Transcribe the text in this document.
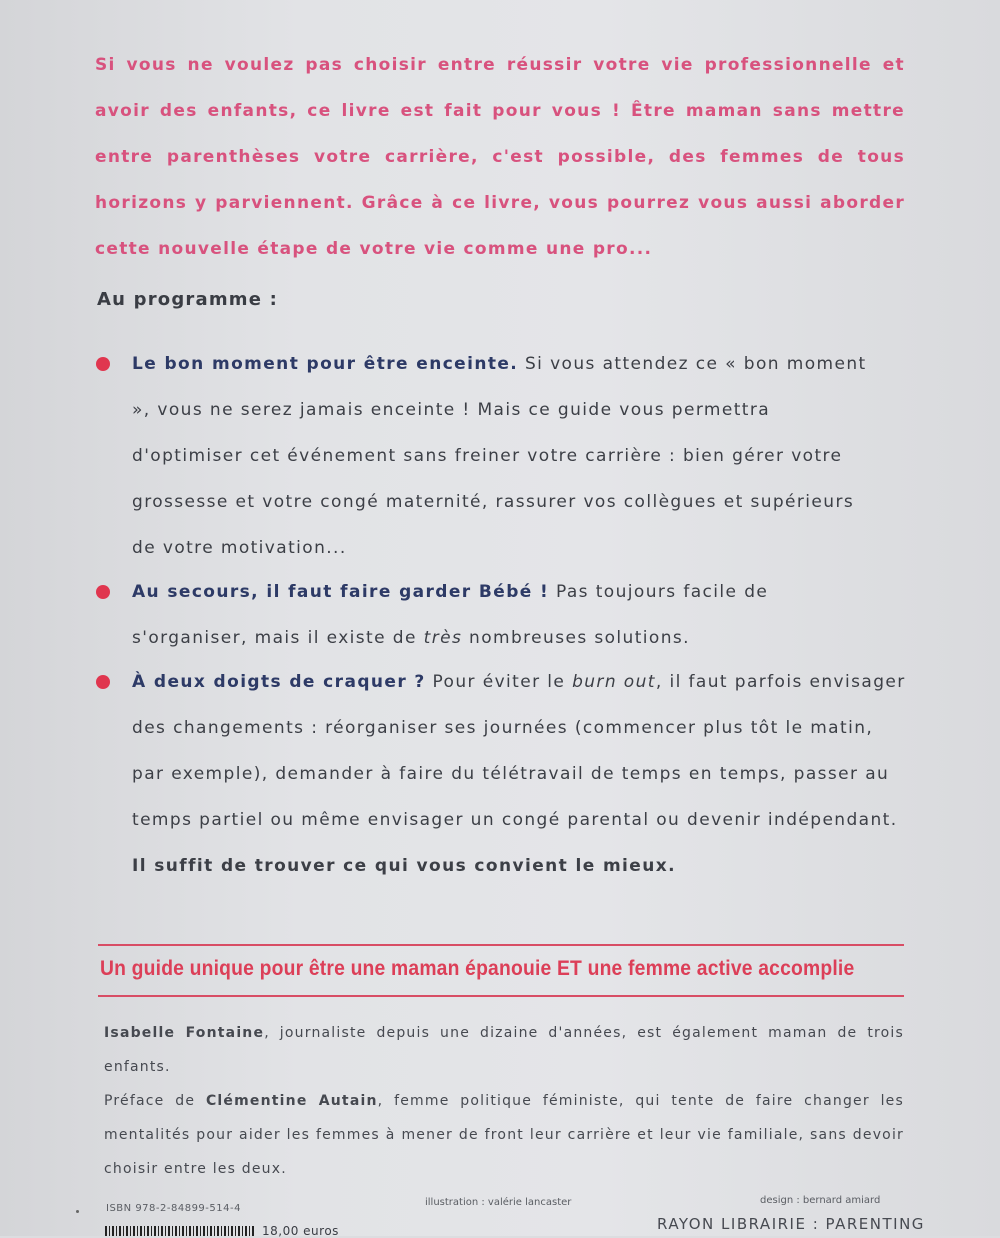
Si vous ne voulez pas choisir entre réussir votre vie professionnelle et avoir des enfants, ce livre est fait pour vous ! Être maman sans mettre entre parenthèses votre carrière, c'est possible, des femmes de tous horizons y parviennent. Grâce à ce livre, vous pourrez vous aussi aborder cette nouvelle étape de votre vie comme une pro...
Au programme :
Le bon moment pour être enceinte. Si vous attendez ce « bon moment », vous ne serez jamais enceinte ! Mais ce guide vous permettra d'optimiser cet événement sans freiner votre carrière : bien gérer votre grossesse et votre congé maternité, rassurer vos collègues et supérieurs de votre motivation...
Au secours, il faut faire garder Bébé ! Pas toujours facile de s'organiser, mais il existe de très nombreuses solutions.
À deux doigts de craquer ? Pour éviter le burn out, il faut parfois envisager des changements : réorganiser ses journées (commencer plus tôt le matin, par exemple), demander à faire du télétravail de temps en temps, passer au temps partiel ou même envisager un congé parental ou devenir indépendant. Il suffit de trouver ce qui vous convient le mieux.
Un guide unique pour être une maman épanouie ET une femme active accomplie
Isabelle Fontaine, journaliste depuis une dizaine d'années, est également maman de trois enfants.
Préface de Clémentine Autain, femme politique féministe, qui tente de faire changer les mentalités pour aider les femmes à mener de front leur carrière et leur vie familiale, sans devoir choisir entre les deux.
ISBN 978-2-84899-514-4
illustration : valérie lancaster	design : bernard amiard
RAYON LIBRAIRIE : PARENTING
18,00 euros
